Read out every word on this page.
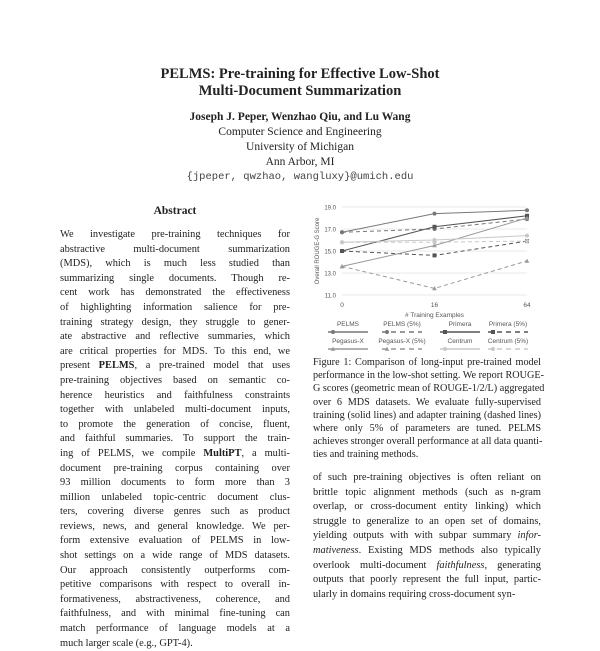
PELMS: Pre-training for Effective Low-Shot
Multi-Document Summarization
Joseph J. Peper, Wenzhao Qiu, and Lu Wang
Computer Science and Engineering
University of Michigan
Ann Arbor, MI
{jpeper, qwzhao, wangluxy}@umich.edu
Abstract
We investigate pre-training techniques for
abstractive multi-document summarization
(MDS), which is much less studied than
summarizing single documents. Though re-
cent work has demonstrated the effectiveness
of highlighting information salience for pre-
training strategy design, they struggle to gener-
ate abstractive and reflective summaries, which
are critical properties for MDS. To this end, we
present PELMS, a pre-trained model that uses
pre-training objectives based on semantic co-
herence heuristics and faithfulness constraints
together with unlabeled multi-document inputs,
to promote the generation of concise, fluent,
and faithful summaries. To support the train-
ing of PELMS, we compile MultiPT, a multi-
document pre-training corpus containing over
93 million documents to form more than 3
million unlabeled topic-centric document clus-
ters, covering diverse genres such as product
reviews, news, and general knowledge. We per-
form extensive evaluation of PELMS in low-
shot settings on a wide range of MDS datasets.
Our approach consistently outperforms com-
petitive comparisons with respect to overall in-
formativeness, abstractiveness, coherence, and
faithfulness, and with minimal fine-tuning can
match performance of language models at a
much larger scale (e.g., GPT-4).
11.0
13.0
15.0
17.0
19.0
0	16	64
# Training Examples
Overall ROUGE-G Score
PELMS	PELMS (5%)	Primera	Primera (5%)
Pegasus-X Pegasus-X (5%)	Centrum Centrum (5%)
Figure 1: Comparison of long-input pre-trained model
performance in the low-shot setting. We report ROUGE-
G scores (geometric mean of ROUGE-1/2/L) aggregated
over 6 MDS datasets. We evaluate fully-supervised
training (solid lines) and adapter training (dashed lines)
where only 5% of parameters are tuned. PELMS
achieves stronger overall performance at all data quanti-
ties and training methods.
of such pre-training objectives is often reliant on
brittle topic alignment methods (such as n-gram
overlap, or cross-document entity linking) which
struggle to generalize to an open set of domains,
yielding outputs with with subpar summary infor-
mativeness. Existing MDS methods also typically
overlook multi-document faithfulness, generating
outputs that poorly represent the full input, partic-
ularly in domains requiring cross-document syn-
